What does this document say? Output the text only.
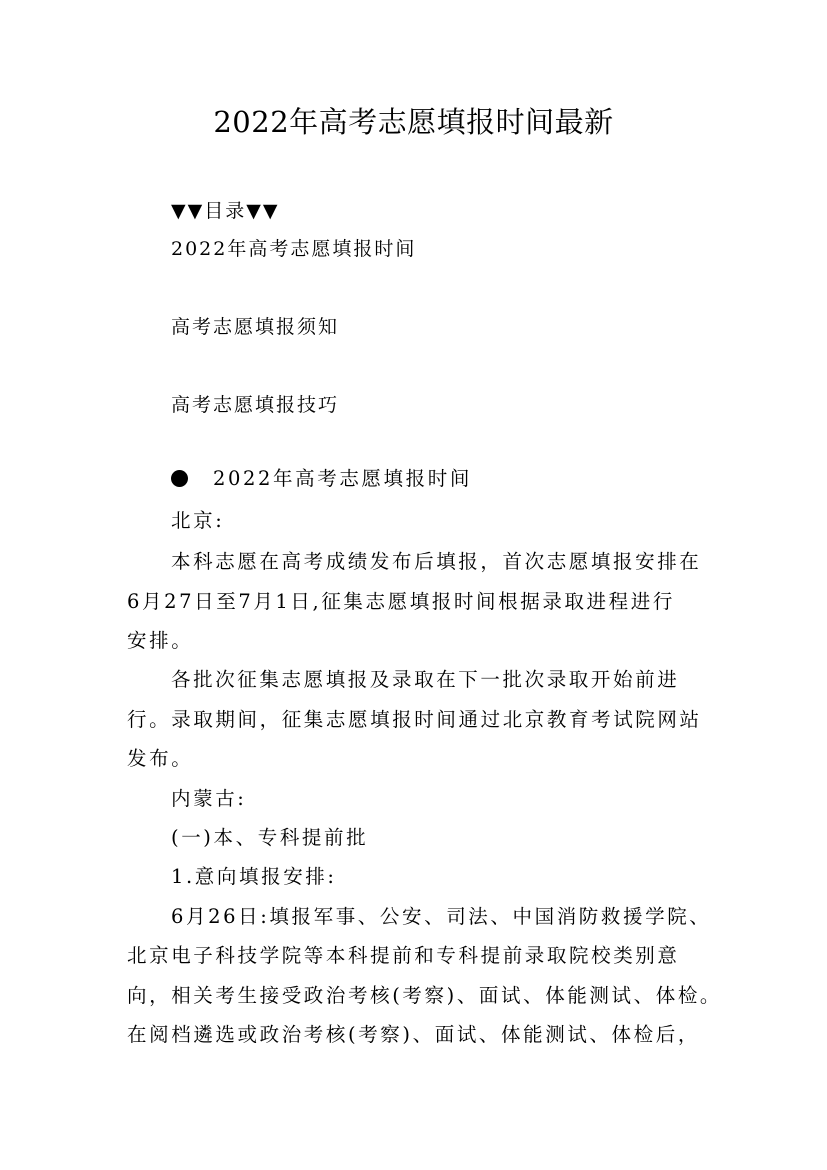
2022年高考志愿填报时间最新
▼▼目录▼▼
2022年高考志愿填报时间
高考志愿填报须知
高考志愿填报技巧
2022年高考志愿填报时间
北京:
本科志愿在高考成绩发布后填报，首次志愿填报安排在
6月27日至7月1日,征集志愿填报时间根据录取进程进行
安排。
各批次征集志愿填报及录取在下一批次录取开始前进
行。录取期间，征集志愿填报时间通过北京教育考试院网站
发布。
内蒙古:
(一)本、专科提前批
1.意向填报安排:
6月26日:填报军事、公安、司法、中国消防救援学院、
北京电子科技学院等本科提前和专科提前录取院校类别意
向，相关考生接受政治考核(考察)、面试、体能测试、体检。
在阅档遴选或政治考核(考察)、面试、体能测试、体检后，
